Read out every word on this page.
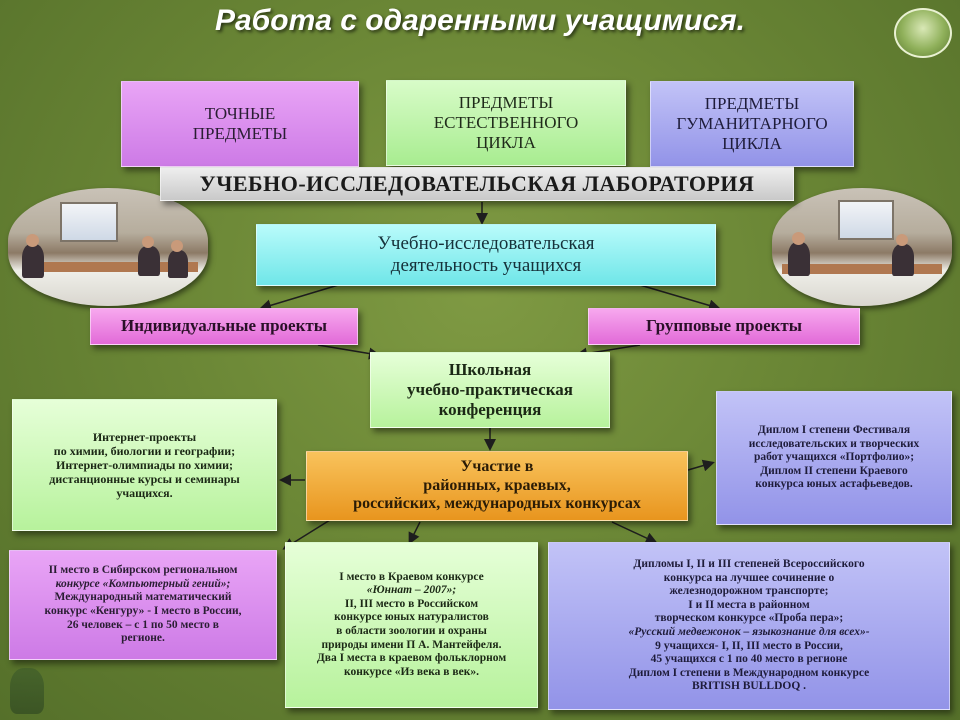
Работа с одаренными учащимися.
ТОЧНЫЕ
ПРЕДМЕТЫ
ПРЕДМЕТЫ
ЕСТЕСТВЕННОГО
ЦИКЛА
ПРЕДМЕТЫ
ГУМАНИТАРНОГО
ЦИКЛА
УЧЕБНО-ИССЛЕДОВАТЕЛЬСКАЯ ЛАБОРАТОРИЯ
Учебно-исследовательская
деятельность учащихся
Индивидуальные проекты	Групповые проекты
Школьная
учебно-практическая
конференция
Участие в
районных, краевых,
российских, международных конкурсах
Интернет-проекты
по химии, биологии и географии;
Интернет-олимпиады по химии;
дистанционные курсы и семинары
учащихся.
Диплом I степени Фестиваля
исследовательских и творческих
работ учащихся «Портфолио»;
Диплом II степени Краевого
конкурса юных астафьеведов.
II место в Сибирском региональном
конкурсе «Компьютерный гений»;
Международный математический
конкурс «Кенгуру» - I место в России,
26 человек – с 1 по 50 место в
регионе.
I место в Краевом конкурсе
«Юннат – 2007»;
II, III место в Российском
конкурсе юных натуралистов
в области зоологии и охраны
природы имени П А. Мантейфеля.
Два I места в краевом фольклорном
конкурсе «Из века в век».
Дипломы I, II и III степеней Всероссийского
конкурса на лучшее сочинение о
железнодорожном транспорте;
I и II места в районном
творческом конкурсе «Проба пера»;
«Русский медвежонок – языкознание для всех»-
9 учащихся- I, II, III место в России,
45 учащихся с 1 по 40 место в регионе
Диплом I степени в Международном конкурсе
BRITISH BULLDOQ .
